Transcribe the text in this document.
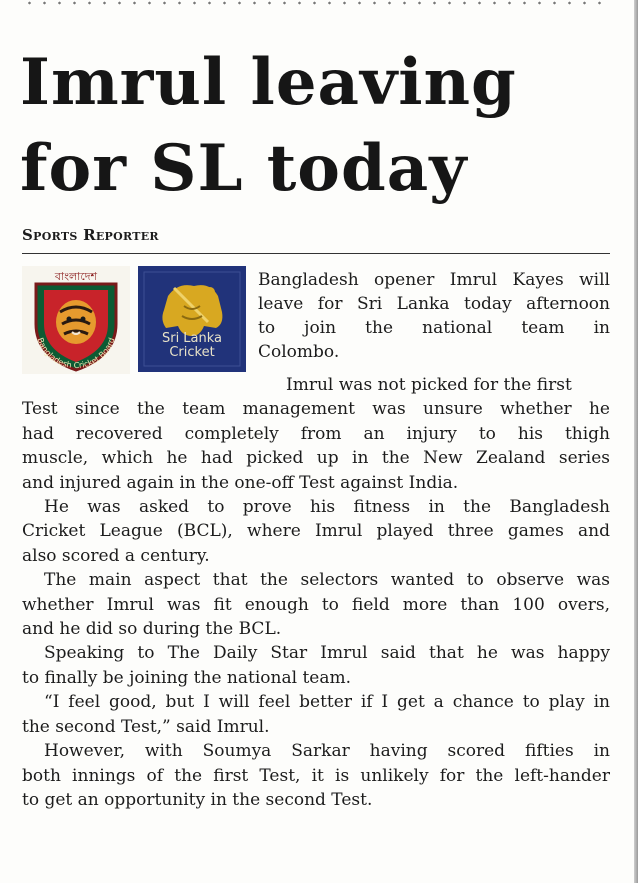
Imrul leaving
for SL today
Sports Reporter
বাংলাদেশ
Bangladesh Cricket Board	Sri Lanka
Cricket
Bangladesh opener Imrul Kayes will
leave for Sri Lanka today afternoon
to join the national team in
Colombo.
Imrul was not picked for the first
Test since the team management was unsure whether he
had recovered completely from an injury to his thigh
muscle, which he had picked up in the New Zealand series
and injured again in the one-off Test against India.
He was asked to prove his fitness in the Bangladesh
Cricket League (BCL), where Imrul played three games and
also scored a century.
The main aspect that the selectors wanted to observe was
whether Imrul was fit enough to field more than 100 overs,
and he did so during the BCL.
Speaking to The Daily Star Imrul said that he was happy
to finally be joining the national team.
“I feel good, but I will feel better if I get a chance to play in
the second Test,” said Imrul.
However, with Soumya Sarkar having scored fifties in
both innings of the first Test, it is unlikely for the left-hander
to get an opportunity in the second Test.
